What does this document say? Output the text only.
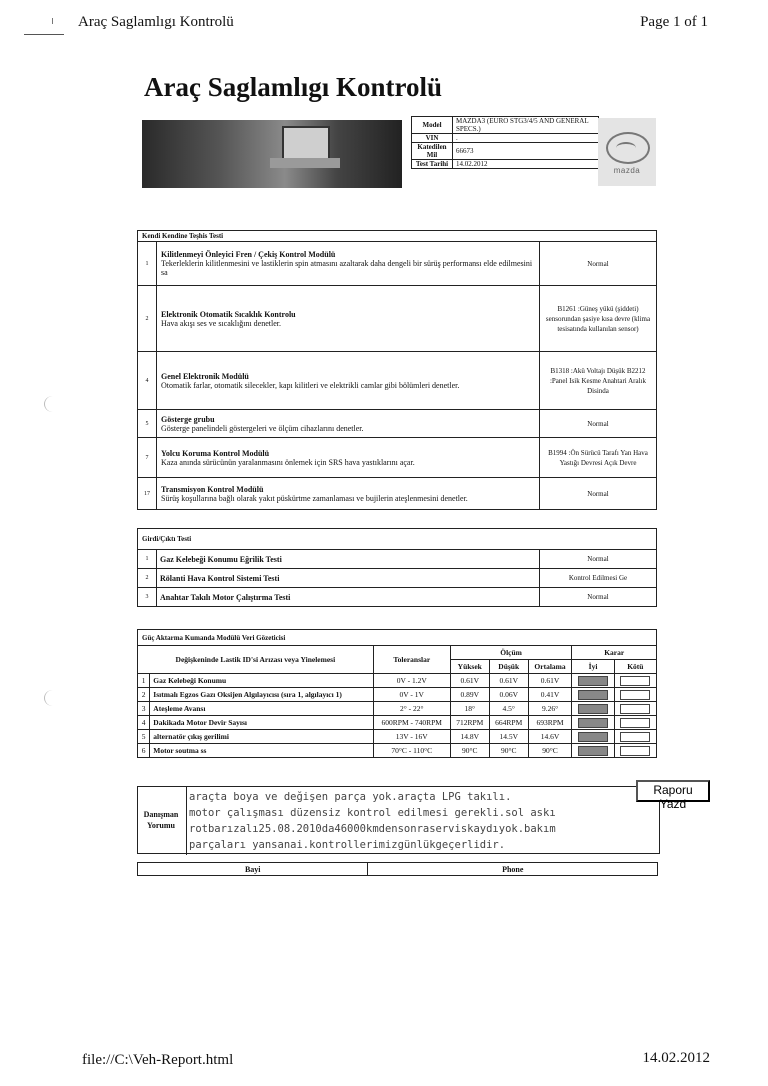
Araç Saglamlıgı Kontrolü	Page 1 of 1
Araç Saglamlıgı Kontrolü
Model	MAZDA3 (EURO STG3/4/5 AND GENERAL SPECS.)
VIN	.
Katedilen Mil	66673
Test Tarihi	14.02.2012
mazda
Kendi Kendine Teşhis Testi		
1	Kilitlenmeyi Önleyici Fren / Çekiş Kontrol Modülü
Tekerleklerin kilitlenmesini ve lastiklerin spin atmasını azaltarak daha dengeli bir sürüş performansı elde edilmesini sa	Normal
2	Elektronik Otomatik Sıcaklık Kontrolu
Hava akışı ses ve sıcaklığını denetler.	B1261 :Güneş yükü (şiddeti) sensorundan şasiye kısa devre (klima tesisatında kullanılan sensor)
4	Genel Elektronik Modülü
Otomatik farlar, otomatik silecekler, kapı kilitleri ve elektrikli camlar gibi bölümleri denetler.	B1318 :Akü Voltajı Düşük B2212 :Panel Isik Kesme Anahtari Aralık Disinda
5	Gösterge grubu
Gösterge panelindeli göstergeleri ve ölçüm cihazlarını denetler.	Normal
7	Yolcu Koruma Kontrol Modülü
Kaza anında sürücünün yaralanmasını önlemek için SRS hava yastıklarını açar.	B1994 :Ön Sürücü Tarafı Yan Hava Yastığı Devresi Açık Devre
17	Transmisyon Kontrol Modülü
Sürüş koşullarına bağlı olarak yakıt püskürtme zamanlaması ve bujilerin ateşlenmesini denetler.	Normal
Girdi/Çıktı Testi		
1	Gaz Kelebeği Konumu Eğrilik Testi	Normal
2	Rölanti Hava Kontrol Sistemi Testi	Kontrol Edilmesi Ge
3	Anahtar Takılı Motor Çalıştırma Testi	Normal
Güç Aktarma Kumanda Modülü Veri Gözeticisi							
Değişkeninde Lastik ID'si Arızası veya Yinelemesi		Toleranslar	Ölçüm			Karar	
			Yüksek	Düşük	Ortalama	İyi	Kötü
1	Gaz Kelebeği Konumu	0V - 1.2V	0.61V	0.61V	0.61V		
2	Isıtmalı Egzos Gazı Oksijen Algılayıcısı (sıra 1, algılayıcı 1)	0V - 1V	0.89V	0.06V	0.41V		
3	Ateşleme Avansı	2° - 22°	18°	4.5°	9.26°		
4	Dakikada Motor Devir Sayısı	600RPM - 740RPM	712RPM	664RPM	693RPM		
5	alternatör çıkış gerilimi	13V - 16V	14.8V	14.5V	14.6V		
6	Motor soutma ss	70°C - 110°C	90°C	90°C	90°C		
Danışman Yorumu
araçta boya ve değişen parça yok.araçta LPG takılı.
motor çalışması düzensiz kontrol edilmesi gerekli.sol askı
rotbarızalı25.08.2010da46000kmdensonraserviskaydıyok.bakım
parçaları yansanai.kontrollerimizgünlükgeçerlidir.
Raporu Yazd
Bayi	Phone
file://C:\Veh-Report.html	14.02.2012
